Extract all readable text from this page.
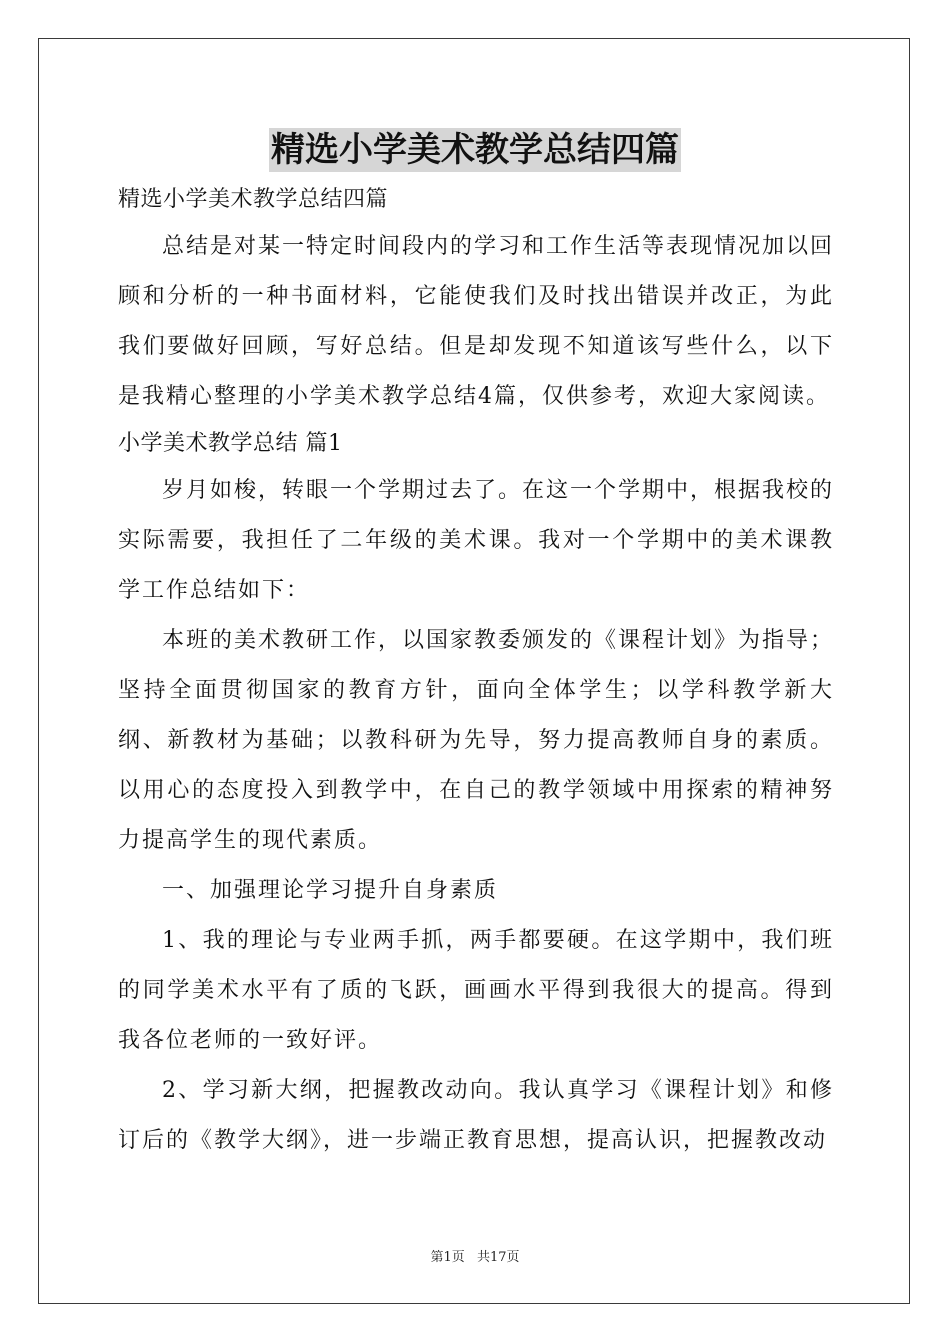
精选小学美术教学总结四篇

精选小学美术教学总结四篇

总结是对某一特定时间段内的学习和工作生活等表现情况加以回顾和分析的一种书面材料，它能使我们及时找出错误并改正，为此我们要做好回顾，写好总结。但是却发现不知道该写些什么，以下是我精心整理的小学美术教学总结4篇，仅供参考，欢迎大家阅读。

小学美术教学总结 篇1

岁月如梭，转眼一个学期过去了。在这一个学期中，根据我校的实际需要，我担任了二年级的美术课。我对一个学期中的美术课教学工作总结如下：

本班的美术教研工作，以国家教委颁发的《课程计划》为指导；坚持全面贯彻国家的教育方针，面向全体学生；以学科教学新大纲、新教材为基础；以教科研为先导，努力提高教师自身的素质。以用心的态度投入到教学中，在自己的教学领域中用探索的精神努力提高学生的现代素质。

一、加强理论学习提升自身素质

1、我的理论与专业两手抓，两手都要硬。在这学期中，我们班的同学美术水平有了质的飞跃，画画水平得到我很大的提高。得到我各位老师的一致好评。

2、学习新大纲，把握教改动向。我认真学习《课程计划》和修订后的《教学大纲》，进一步端正教育思想，提高认识，把握教改动

第1页 共17页
